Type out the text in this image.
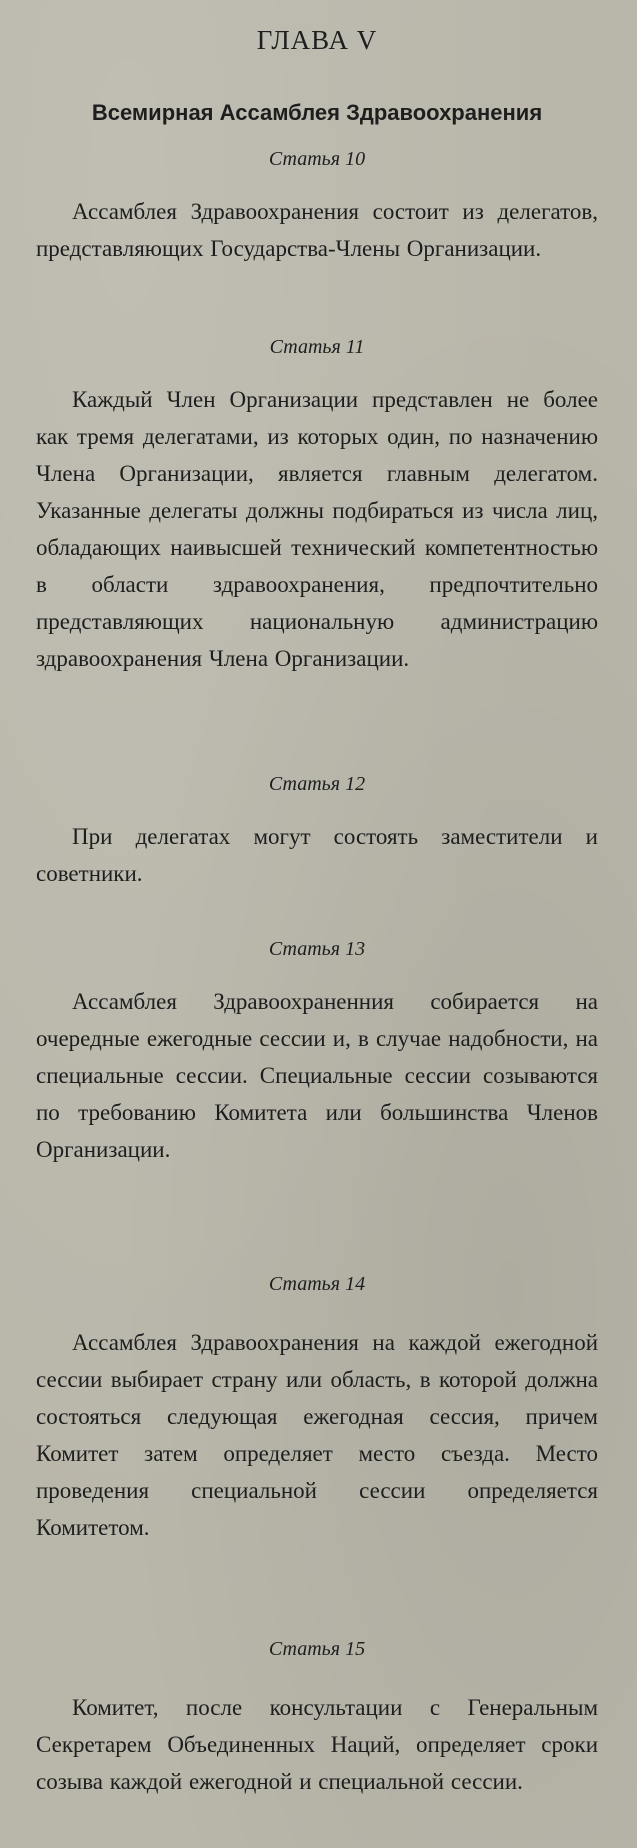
ГЛАВА V
Всемирная Ассамблея Здравоохранения

Статья 10

Ассамблея Здравоохранения состоит из делегатов, представляющих Государства-Члены Организации.

Статья 11

Каждый Член Организации представлен не более как тремя делегатами, из которых один, по назначению Члена Организации, является главным делегатом. Указанные делегаты должны подбираться из числа лиц, обладающих наивысшей технический компетентностью в области здравоохранения, предпочтительно представляющих национальную администрацию здравоохранения Члена Организации.

Статья 12

При делегатах могут состоять заместители и советники.

Статья 13

Ассамблея Здравоохраненния собирается на очередные ежегодные сессии и, в случае надобности, на специальные сессии. Специальные сессии созываются по требованию Комитета или большинства Членов Организации.

Статья 14

Ассамблея Здравоохранения на каждой ежегодной сессии выбирает страну или область, в которой должна состояться следующая ежегодная сессия, причем Комитет затем определяет место съезда. Место проведения специальной сессии определяется Комитетом.

Статья 15

Комитет, после консультации с Генеральным Секретарем Объединенных Наций, определяет сроки созыва каждой ежегодной и специальной сессии.
